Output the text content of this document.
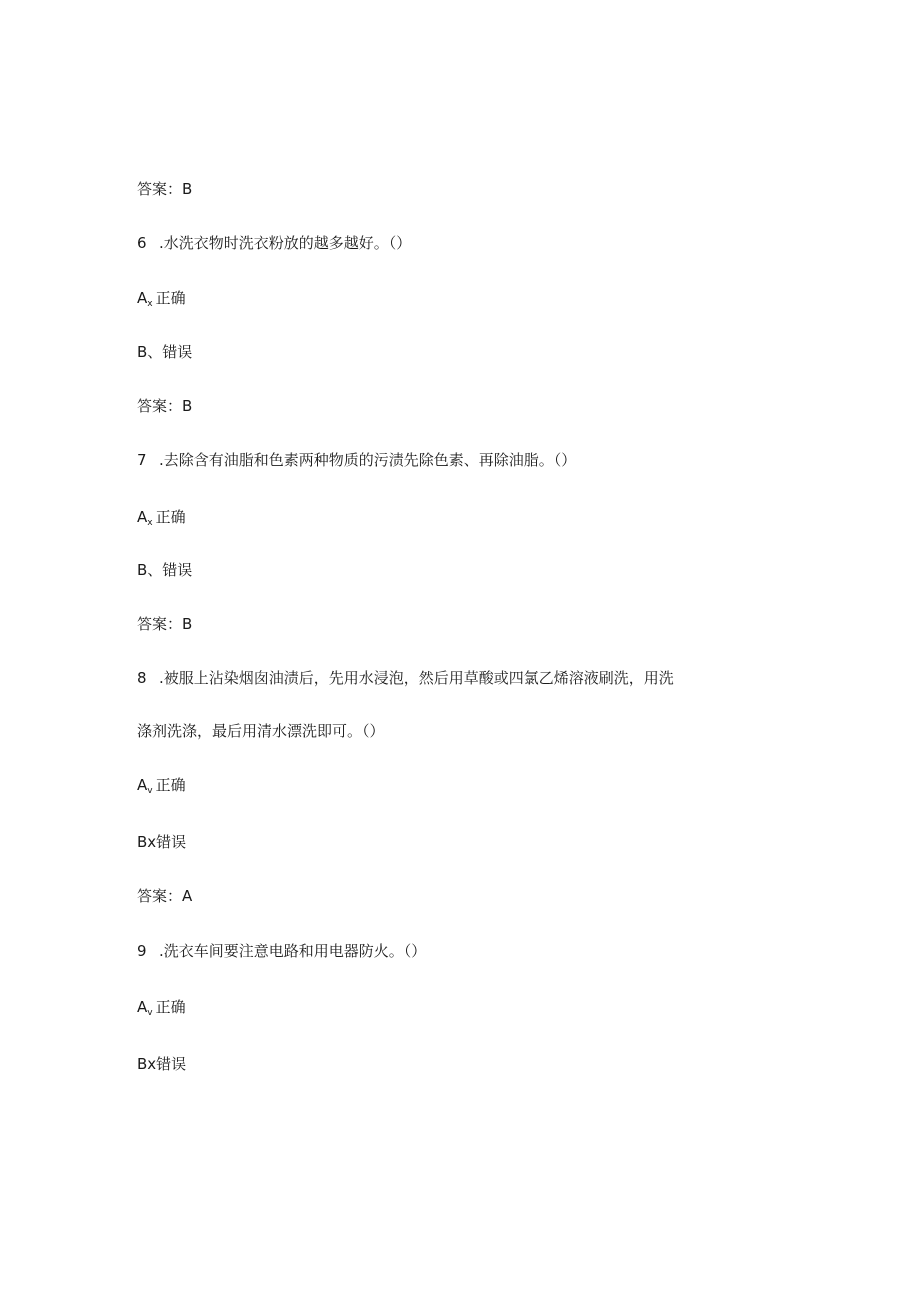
答案：B
6 .水洗衣物时洗衣粉放的越多越好。（）
Ax 正确
B、错误
答案：B
7 .去除含有油脂和色素两种物质的污渍先除色素、再除油脂。（）
Ax 正确
B、错误
答案：B
8 .被服上沾染烟囱油渍后，先用水浸泡，然后用草酸或四氯乙烯溶液刷洗，用洗
涤剂洗涤，最后用清水漂洗即可。（）
Av 正确
Bx错误
答案：A
9 .洗衣车间要注意电路和用电器防火。（）
Av 正确
Bx错误
